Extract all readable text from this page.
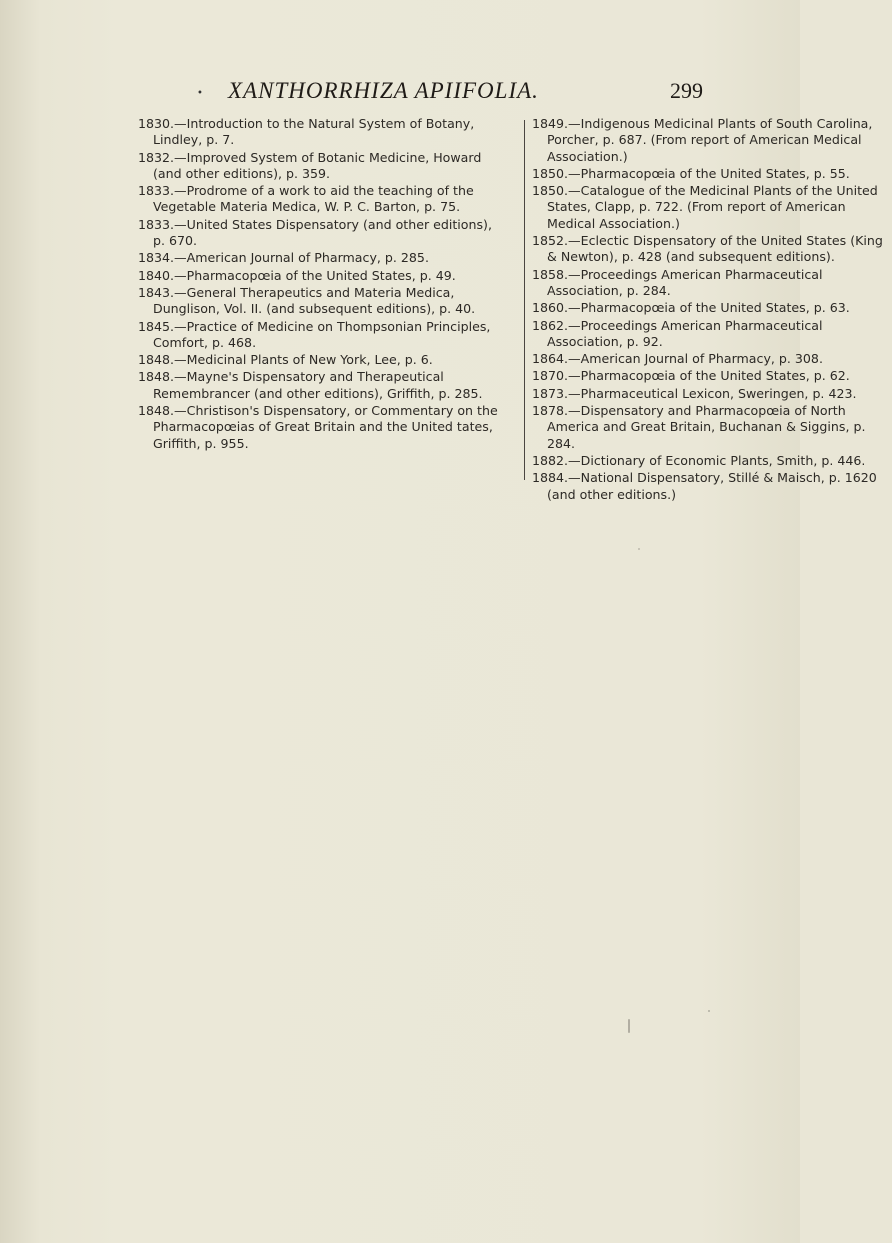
• XANTHORRHIZA APIIFOLIA.	299

1830.—Introduction to the Natural System of Botany, Lindley, p. 7.

1832.—Improved System of Botanic Medicine, Howard (and other editions), p. 359.

1833.—Prodrome of a work to aid the teaching of the Vegetable Materia Medica, W. P. C. Barton, p. 75.

1833.—United States Dispensatory (and other editions), p. 670.

1834.—American Journal of Pharmacy, p. 285.

1840.—Pharmacopœia of the United States, p. 49.

1843.—General Therapeutics and Materia Medica, Dunglison, Vol. II. (and subsequent editions), p. 40.

1845.—Practice of Medicine on Thompsonian Principles, Comfort, p. 468.

1848.—Medicinal Plants of New York, Lee, p. 6.

1848.—Mayne's Dispensatory and Therapeutical Remembrancer (and other editions), Griffith, p. 285.

1848.—Christison's Dispensatory, or Commentary on the Pharmacopœias of Great Britain and the United tates, Griffith, p. 955.

1849.—Indigenous Medicinal Plants of South Carolina, Porcher, p. 687. (From report of American Medical Association.)

1850.—Pharmacopœia of the United States, p. 55.

1850.—Catalogue of the Medicinal Plants of the United States, Clapp, p. 722. (From report of American Medical Association.)

1852.—Eclectic Dispensatory of the United States (King & Newton), p. 428 (and subsequent editions).

1858.—Proceedings American Pharmaceutical Association, p. 284.

1860.—Pharmacopœia of the United States, p. 63.

1862.—Proceedings American Pharmaceutical Association, p. 92.

1864.—American Journal of Pharmacy, p. 308.

1870.—Pharmacopœia of the United States, p. 62.

1873.—Pharmaceutical Lexicon, Sweringen, p. 423.

1878.—Dispensatory and Pharmacopœia of North America and Great Britain, Buchanan & Siggins, p. 284.

1882.—Dictionary of Economic Plants, Smith, p. 446.

1884.—National Dispensatory, Stillé & Maisch, p. 1620 (and other editions.)
